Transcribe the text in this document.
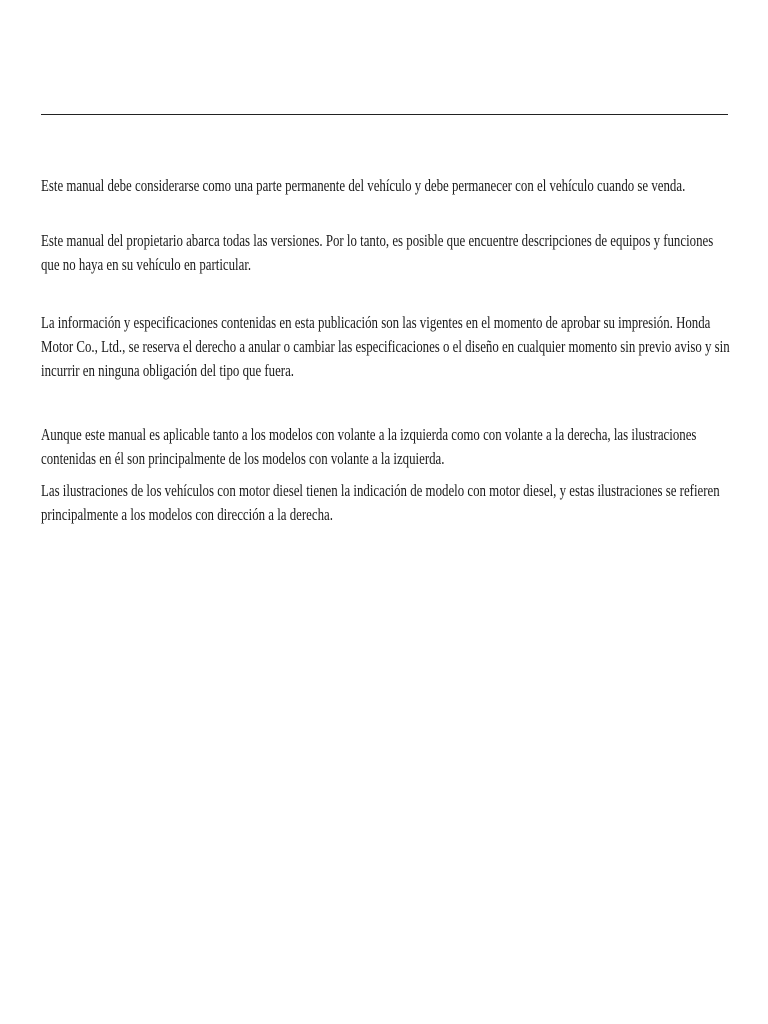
Este manual debe considerarse como una parte permanente del vehículo y debe permanecer con el vehículo cuando se venda.

Este manual del propietario abarca todas las versiones. Por lo tanto, es posible que encuentre descripciones de equipos y funciones que no haya en su vehículo en particular.

La información y especificaciones contenidas en esta publicación son las vigentes en el momento de aprobar su impresión. Honda Motor Co., Ltd., se reserva el derecho a anular o cambiar las especificaciones o el diseño en cualquier momento sin previo aviso y sin incurrir en ninguna obligación del tipo que fuera.

Aunque este manual es aplicable tanto a los modelos con volante a la izquierda como con volante a la derecha, las ilustraciones contenidas en él son principalmente de los modelos con volante a la izquierda.

Las ilustraciones de los vehículos con motor diesel tienen la indicación de modelo con motor diesel, y estas ilustraciones se refieren principalmente a los modelos con dirección a la derecha.
